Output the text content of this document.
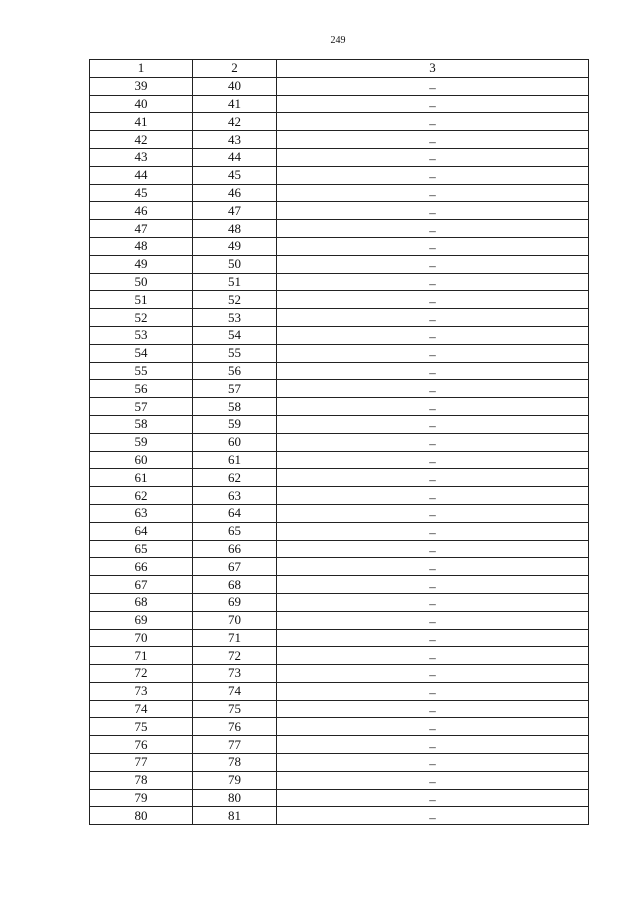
249
1	2	3
39	40	–
40	41	–
41	42	–
42	43	–
43	44	–
44	45	–
45	46	–
46	47	–
47	48	–
48	49	–
49	50	–
50	51	–
51	52	–
52	53	–
53	54	–
54	55	–
55	56	–
56	57	–
57	58	–
58	59	–
59	60	–
60	61	–
61	62	–
62	63	–
63	64	–
64	65	–
65	66	–
66	67	–
67	68	–
68	69	–
69	70	–
70	71	–
71	72	–
72	73	–
73	74	–
74	75	–
75	76	–
76	77	–
77	78	–
78	79	–
79	80	–
80	81	–
